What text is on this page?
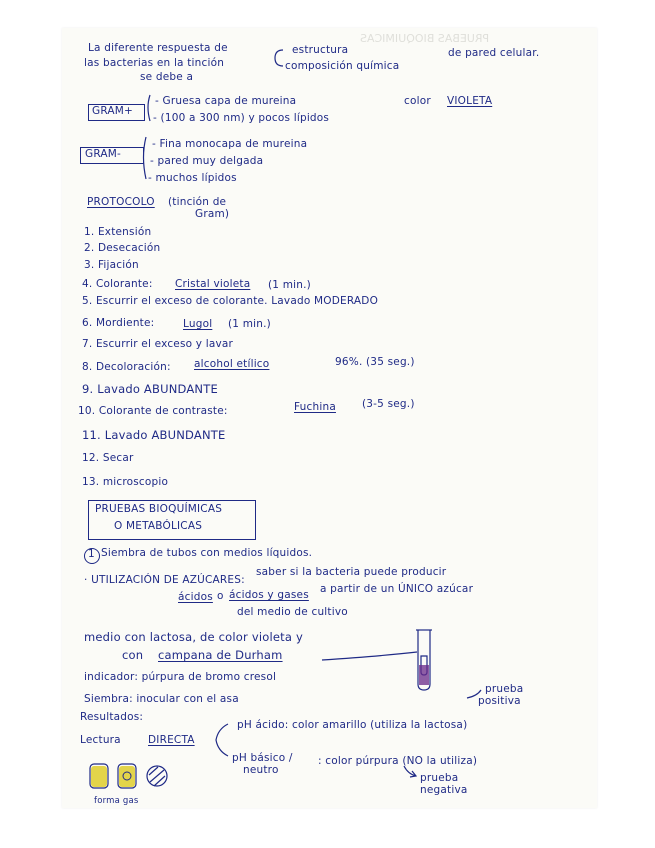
PRUEBAS BIOQUIMICAS
La diferente respuesta de
las bacterias en la tinción
se debe a
estructura
composición química
de pared celular.
GRAM+
- Gruesa capa de mureina
- (100 a 300 nm) y pocos lípidos
color VIOLETA
GRAM-
- Fina monocapa de mureina
- pared muy delgada
- muchos lípidos
PROTOCOLO (tinción de
Gram)
1. Extensión
2. Desecación
3. Fijación
4. Colorante: Cristal violeta (1 min.)
5. Escurrir el exceso de colorante. Lavado MODERADO
6. Mordiente:	Lugol (1 min.)
7. Escurrir el exceso y lavar
8. Decoloración: alcohol etílico	96%. (35 seg.)
9. Lavado ABUNDANTE
10. Colorante de contraste:	Fuchina (3-5 seg.)
11. Lavado ABUNDANTE
12. Secar
13. microscopio
PRUEBAS BIOQUÍMICAS
O METABÓLICAS
1 Siembra de tubos con medios líquidos.
· UTILIZACIÓN DE AZÚCARES:
saber si la bacteria puede producir
ácidos o ácidos y gases a partir de un ÚNICO azúcar
del medio de cultivo
medio con lactosa, de color violeta y
con campana de Durham
indicador: púrpura de bromo cresol
Siembra: inocular con el asa
Resultados:
Lectura	DIRECTA
pH ácido: color amarillo (utiliza la lactosa)
pH básico /
neutro
: color púrpura (NO la utiliza)
prueba
positiva
prueba
negativa
forma gas
